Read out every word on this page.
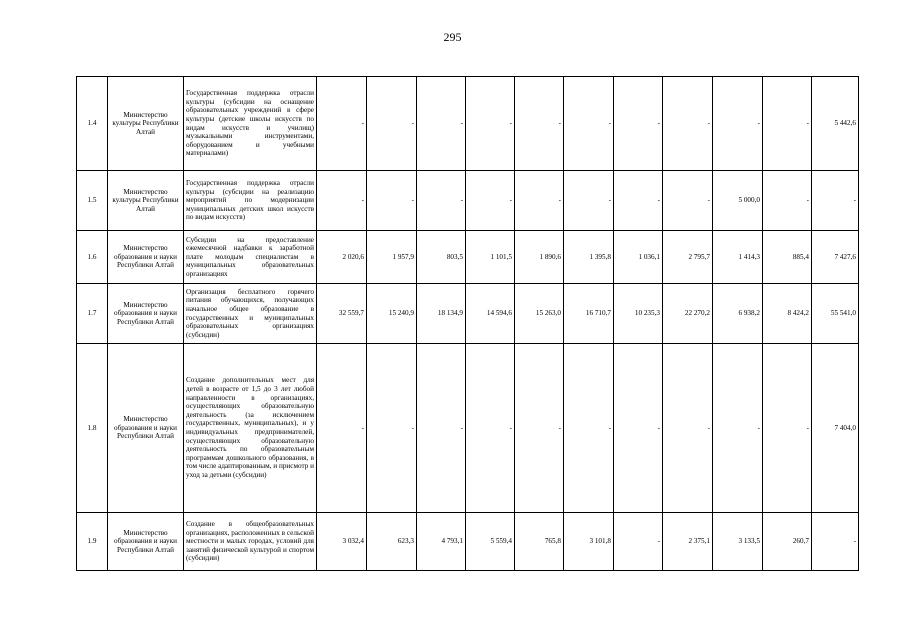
295
1.4	Министерство культуры Республики Алтай	Государственная поддержка отрасли культуры (субсидии на оснащение образовательных учреждений в сфере культуры (детские школы искусств по видам искусств и училищ) музыкальными инструментами, оборудованием и учебными материалами)	-	-	-	-	-	-	-	-	-	-	5 442,6
1.5	Министерство культуры Республики Алтай	Государственная поддержка отрасли культуры (субсидии на реализацию мероприятий по модернизации муниципальных детских школ искусств по видам искусств)	-	-	-	-	-	-	-	-	5 000,0	-	-
1.6	Министерство образования и науки Республики Алтай	Субсидии на предоставление ежемесячной надбавки к заработной плате молодым специалистам в муниципальных образовательных организациях	2 020,6	1 957,9	803,5	1 101,5	1 890,6	1 395,8	1 036,1	2 795,7	1 414,3	885,4	7 427,6
1.7	Министерство образования и науки Республики Алтай	Организация бесплатного горячего питания обучающихся, получающих начальное общее образование в государственных и муниципальных образовательных организациях (субсидии)	32 559,7	15 240,9	18 134,9	14 594,6	15 263,0	16 710,7	10 235,3	22 270,2	6 938,2	8 424,2	55 541,0
1.8	Министерство образования и науки Республики Алтай	Создание дополнительных мест для детей в возрасте от 1,5 до 3 лет любой направленности в организациях, осуществляющих образовательную деятельность (за исключением государственных, муниципальных), и у индивидуальных предпринимателей, осуществляющих образовательную деятельность по образовательным программам дошкольного образования, в том числе адаптированным, и присмотр и уход за детьми (субсидии)	-	-	-	-	-	-	-	-	-	-	7 404,0
1.9	Министерство образования и науки Республики Алтай	Создание в общеобразовательных организациях, расположенных в сельской местности и малых городах, условий для занятий физической культурой и спортом (субсидии)	3 032,4	623,3	4 793,1	5 559,4	765,8	3 101,8	-	2 375,1	3 133,5	260,7	-
